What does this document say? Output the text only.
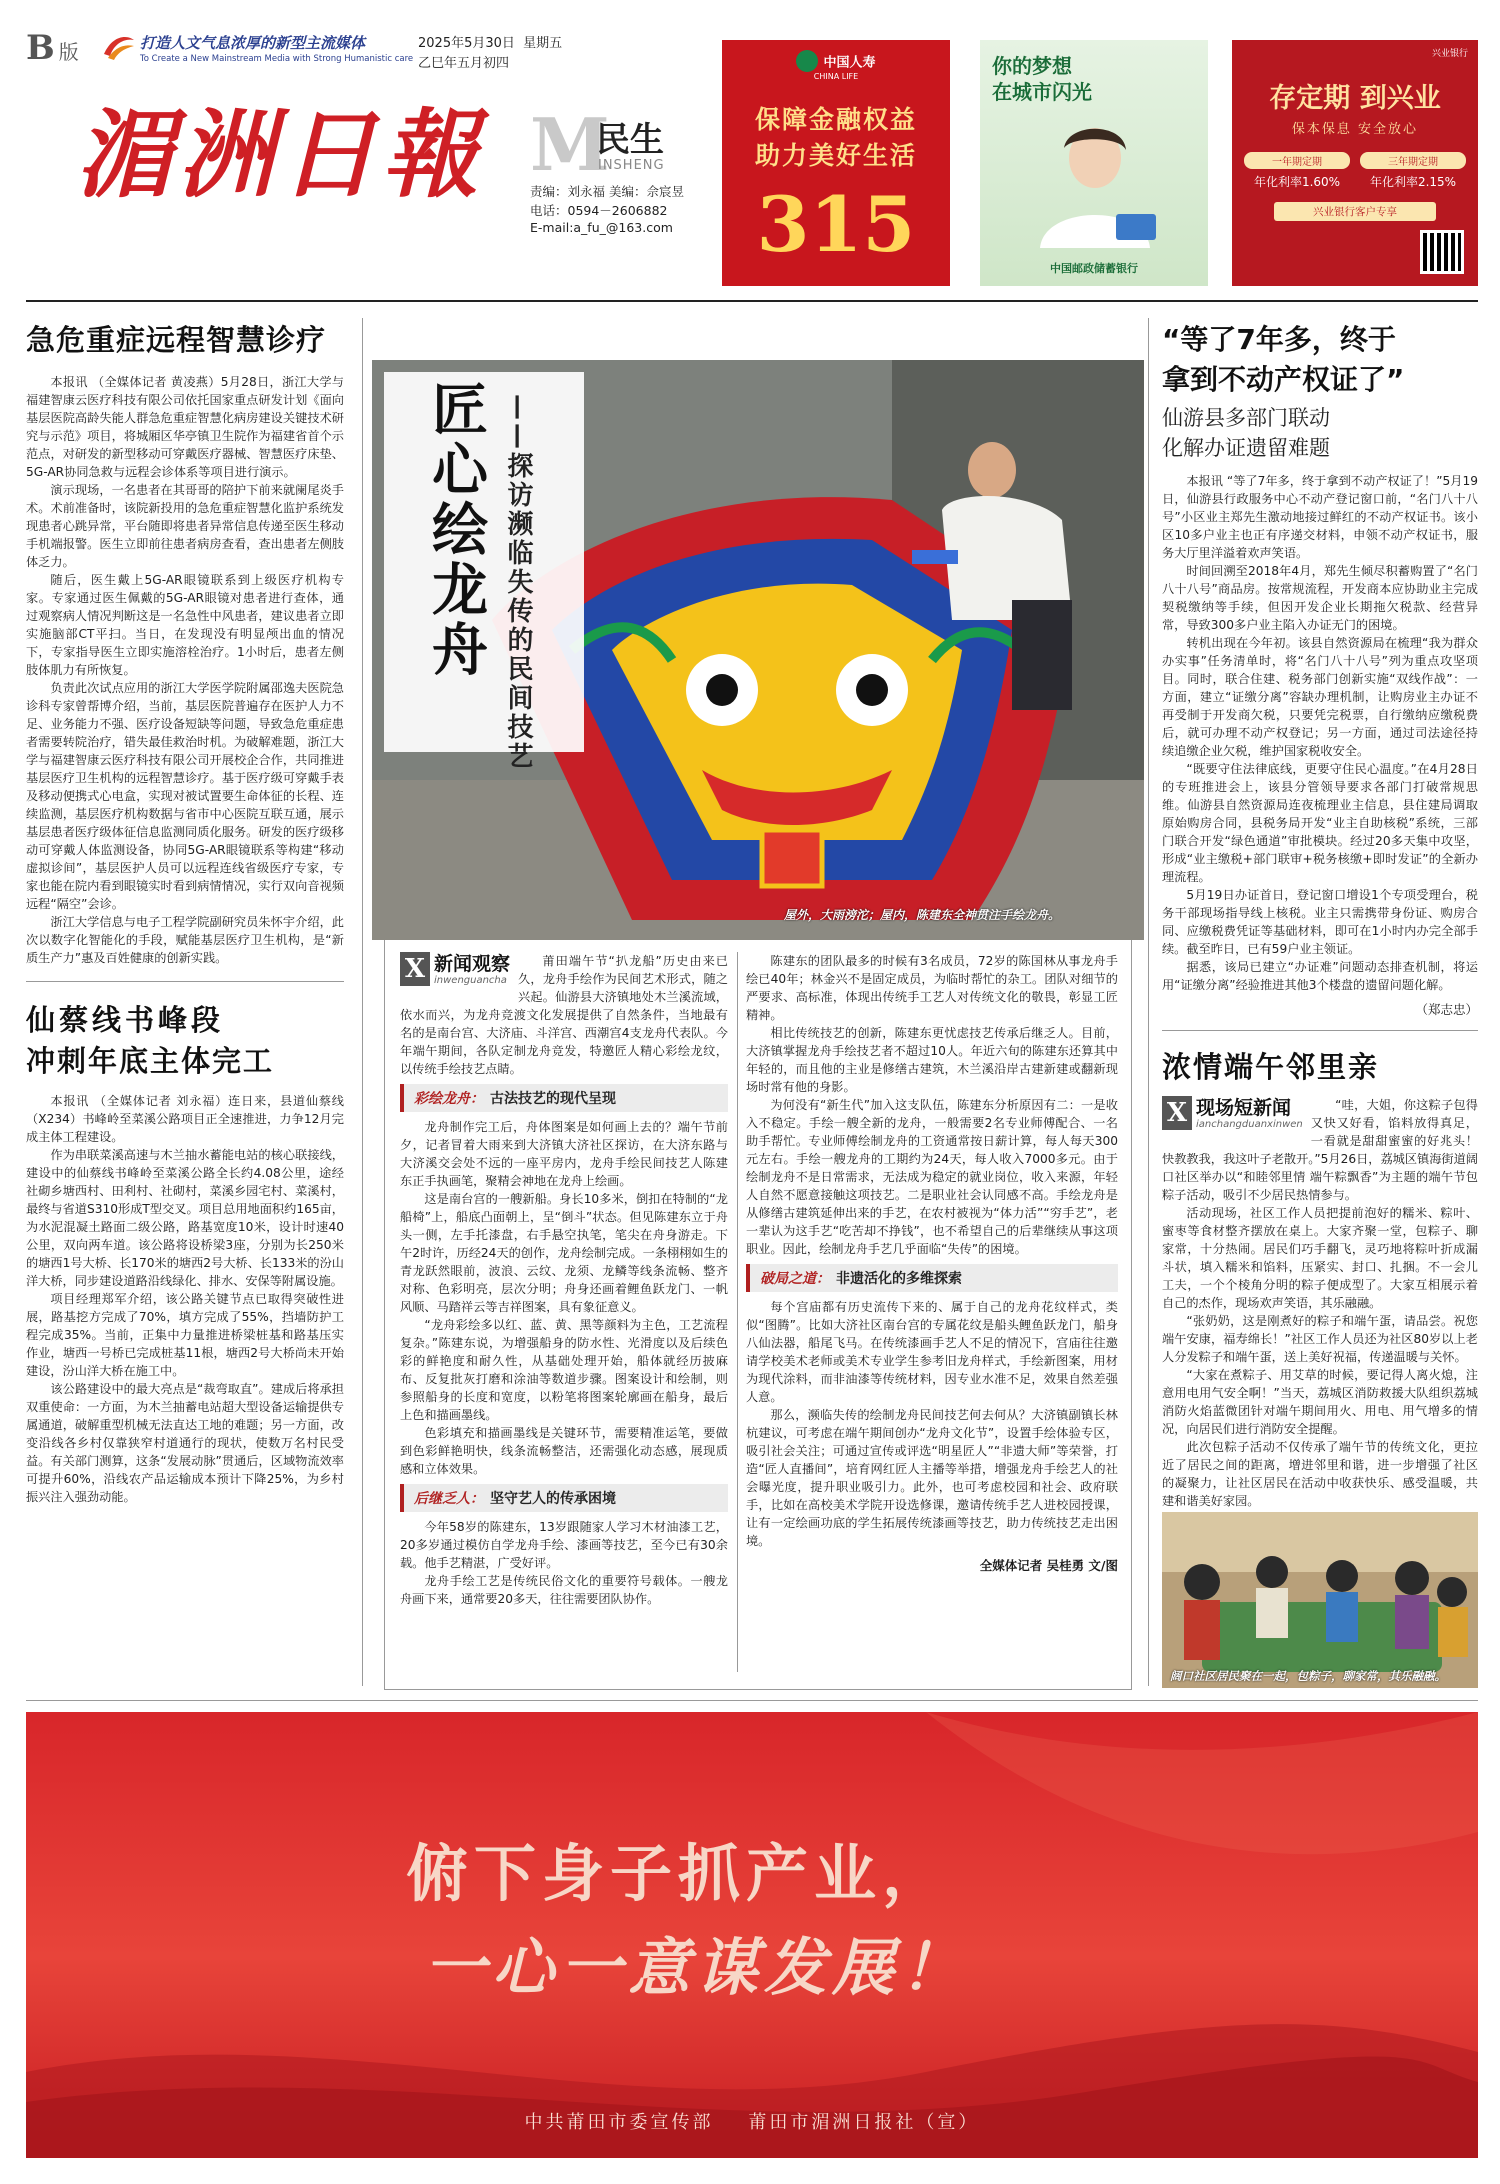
B 版	打造人文气息浓厚的新型主流媒体
To Create a New Mainstream Media with Strong Humanistic care
2025年5月30日  星期五
乙巳年五月初四
湄洲日報 M
民生
INSHENG
责编：刘永福 美编：佘宸昱
电话：0594－2606882
E-mail:a_fu_@163.com
中国人寿
CHINA LIFE
保障金融权益
助力美好生活
315
你的梦想
在城市闪光
中国邮政储蓄银行
兴业银行
存定期 到兴业
保本保息 安全放心
一年期定期
年化利率1.60%
三年期定期
年化利率2.15%
兴业银行客户专享
急危重症远程智慧诊疗

本报讯 （全媒体记者 黄凌燕）5月28日，浙江大学与福建智康云医疗科技有限公司依托国家重点研发计划《面向基层医院高龄失能人群急危重症智慧化病房建设关键技术研究与示范》项目，将城厢区华亭镇卫生院作为福建省首个示范点，对研发的新型移动可穿戴医疗器械、智慧医疗床垫、5G-AR协同急救与远程会诊体系等项目进行演示。

演示现场，一名患者在其哥哥的陪护下前来就阑尾炎手术。术前准备时，该院新投用的急危重症智慧化监护系统发现患者心跳异常，平台随即将患者异常信息传递至医生移动手机端报警。医生立即前往患者病房查看，查出患者左侧肢体乏力。

随后，医生戴上5G-AR眼镜联系到上级医疗机构专家。专家通过医生佩戴的5G-AR眼镜对患者进行查体，通过观察病人情况判断这是一名急性中风患者，建议患者立即实施脑部CT平扫。当日，在发现没有明显颅出血的情况下，专家指导医生立即实施溶栓治疗。1小时后，患者左侧肢体肌力有所恢复。

负责此次试点应用的浙江大学医学院附属邵逸夫医院急诊科专家曾帮博介绍，当前，基层医院普遍存在医护人力不足、业务能力不强、医疗设备短缺等问题，导致急危重症患者需要转院治疗，错失最佳救治时机。为破解难题，浙江大学与福建智康云医疗科技有限公司开展校企合作，共同推进基层医疗卫生机构的远程智慧诊疗。基于医疗级可穿戴手表及移动便携式心电盒，实现对被试置要生命体征的长程、连续监测，基层医疗机构数据与省市中心医院互联互通，展示基层患者医疗级体征信息监测同质化服务。研发的医疗级移动可穿戴人体监测设备，协同5G-AR眼镜联系等构建“移动虚拟诊间”，基层医护人员可以远程连线省级医疗专家，专家也能在院内看到眼镜实时看到病情情况，实行双向音视频远程“隔空”会诊。

浙江大学信息与电子工程学院副研究员朱怀宇介绍，此次以数字化智能化的手段，赋能基层医疗卫生机构，是“新质生产力”惠及百姓健康的创新实践。

仙蔡线书峰段
冲刺年底主体完工

本报讯 （全媒体记者 刘永福）连日来，县道仙蔡线（X234）书峰岭至菜溪公路项目正全速推进，力争12月完成主体工程建设。

作为串联菜溪高速与木兰抽水蓄能电站的核心联接线，建设中的仙蔡线书峰岭至菜溪公路全长约4.08公里，途经社砌乡塘西村、田利村、社砌村，菜溪乡园宅村、菜溪村，最终与省道S310形成T型交叉。项目总用地面积约165亩，为水泥混凝土路面二级公路，路基宽度10米，设计时速40公里，双向两车道。该公路将设桥梁3座，分别为长250米的塘西1号大桥、长170米的塘西2号大桥、长133米的汾山洋大桥，同步建设道路沿线绿化、排水、安保等附属设施。

项目经理郑军介绍，该公路关键节点已取得突破性进展，路基挖方完成了70%，填方完成了55%，挡墙防护工程完成35%。当前，正集中力量推进桥梁桩基和路基压实作业，塘西一号桥已完成桩基11根，塘西2号大桥尚未开始建设，汾山洋大桥在施工中。

该公路建设中的最大亮点是“裁弯取直”。建成后将承担双重使命：一方面，为木兰抽蓄电站超大型设备运输提供专属通道，破解重型机械无法直达工地的难题；另一方面，改变沿线各乡村仅靠狭窄村道通行的现状，使数万名村民受益。有关部门测算，这条“发展动脉”贯通后，区域物流效率可提升60%，沿线农产品运输成本预计下降25%，为乡村振兴注入强劲动能。

匠心绘龙舟 ——探访濒临失传的民间技艺
屋外，大雨滂沱；屋内，陈建东全神贯注手绘龙舟。
X 新闻观察
inwenguancha

莆田端午节“扒龙船”历史由来已久，龙舟手绘作为民间艺术形式，随之兴起。仙游县大济镇地处木兰溪流域，依水而兴，为龙舟竞渡文化发展提供了自然条件，当地最有名的是南台宫、大济庙、斗洋宫、西潮宫4支龙舟代表队。今年端午期间，各队定制龙舟竞发，特邀匠人精心彩绘龙纹，以传统手绘技艺点睛。

彩绘龙舟： 古法技艺的现代呈现

龙舟制作完工后，舟体图案是如何画上去的？端午节前夕，记者冒着大雨来到大济镇大济社区探访，在大济东路与大济溪交会处不远的一座平房内，龙舟手绘民间技艺人陈建东正手执画笔，聚精会神地在龙舟上绘画。

这是南台宫的一艘新船。身长10多米，倒扣在特制的“龙船椅”上，船底凸面朝上，呈“倒斗”状态。但见陈建东立于舟头一侧，左手托漆盘，右手悬空执笔，笔尖在舟身游走。下午2时许，历经24天的创作，龙舟绘制完成。一条栩栩如生的青龙跃然眼前，波浪、云纹、龙须、龙鳞等线条流畅、整齐对称、色彩明亮，层次分明；舟身还画着鲤鱼跃龙门、一帆风顺、马踏祥云等吉祥图案，具有象征意义。

“龙舟彩绘多以红、蓝、黄、黑等颜料为主色，工艺流程复杂。”陈建东说，为增强船身的防水性、光滑度以及后续色彩的鲜艳度和耐久性，从基础处理开始，船体就经历披麻布、反复批灰打磨和涂油等数道步骤。图案设计和绘制，则参照船身的长度和宽度，以粉笔将图案轮廓画在船身，最后上色和描画墨线。

色彩填充和描画墨线是关键环节，需要精准运笔，要做到色彩鲜艳明快，线条流畅整洁，还需强化动态感，展现质感和立体效果。

后继乏人： 坚守艺人的传承困境

今年58岁的陈建东，13岁跟随家人学习木材油漆工艺，20多岁通过模仿自学龙舟手绘、漆画等技艺，至今已有30余载。他手艺精湛，广受好评。

龙舟手绘工艺是传统民俗文化的重要符号载体。一艘龙舟画下来，通常要20多天，往往需要团队协作。

陈建东的团队最多的时候有3名成员，72岁的陈国林从事龙舟手绘已40年；林金兴不是固定成员，为临时帮忙的杂工。团队对细节的严要求、高标准，体现出传统手工艺人对传统文化的敬畏，彰显工匠精神。

相比传统技艺的创新，陈建东更忧虑技艺传承后继乏人。目前，大济镇掌握龙舟手绘技艺者不超过10人。年近六旬的陈建东还算其中年轻的，而且他的主业是修缮古建筑，木兰溪沿岸古建新建或翻新现场时常有他的身影。

为何没有“新生代”加入这支队伍，陈建东分析原因有二：一是收入不稳定。手绘一艘全新的龙舟，一般需要2名专业师傅配合、一名助手帮忙。专业师傅绘制龙舟的工资通常按日薪计算，每人每天300元左右。手绘一艘龙舟的工期约为24天，每人收入7000多元。由于绘制龙舟不是日常需求，无法成为稳定的就业岗位，收入来源，年轻人自然不愿意接触这项技艺。二是职业社会认同感不高。手绘龙舟是从修缮古建筑延伸出来的手艺，在农村被视为“体力活”“穷手艺”，老一辈认为这手艺“吃苦却不挣钱”，也不希望自己的后辈继续从事这项职业。因此，绘制龙舟手艺几乎面临“失传”的困境。

破局之道： 非遗活化的多维探索

每个宫庙都有历史流传下来的、属于自己的龙舟花纹样式，类似“图腾”。比如大济社区南台宫的专属花纹是船头鲤鱼跃龙门，船身八仙法器，船尾飞马。在传统漆画手艺人不足的情况下，宫庙往往邀请学校美术老师或美术专业学生参考旧龙舟样式，手绘新图案，用材为现代涂料，而非油漆等传统材料，因专业水准不足，效果自然差强人意。

那么，濒临失传的绘制龙舟民间技艺何去何从？大济镇副镇长林杭建议，可考虑在端午期间创办“龙舟文化节”，设置手绘体验专区，吸引社会关注；可通过宣传或评选“明星匠人”“非遗大师”等荣誉，打造“匠人直播间”，培育网红匠人主播等举措，增强龙舟手绘艺人的社会曝光度，提升职业吸引力。此外，也可考虑校园和社会、政府联手，比如在高校美术学院开设选修课，邀请传统手艺人进校园授课，让有一定绘画功底的学生拓展传统漆画等技艺，助力传统技艺走出困境。

全媒体记者 吴桂勇 文/图
“等了7年多，终于
拿到不动产权证了”
仙游县多部门联动
化解办证遗留难题

本报讯 “等了7年多，终于拿到不动产权证了！”5月19日，仙游县行政服务中心不动产登记窗口前，“名门八十八号”小区业主郑先生激动地接过鲜红的不动产权证书。该小区10多户业主也正有序递交材料，申领不动产权证书，服务大厅里洋溢着欢声笑语。

时间回溯至2018年4月，郑先生倾尽积蓄购置了“名门八十八号”商品房。按常规流程，开发商本应协助业主完成契税缴纳等手续，但因开发企业长期拖欠税款、经营异常，导致300多户业主陷入办证无门的困境。

转机出现在今年初。该县自然资源局在梳理“我为群众办实事”任务清单时，将“名门八十八号”列为重点攻坚项目。同时，联合住建、税务部门创新实施“双线作战”：一方面，建立“证缴分离”容缺办理机制，让购房业主办证不再受制于开发商欠税，只要凭完税票，自行缴纳应缴税费后，就可办理不动产权登记；另一方面，通过司法途径持续追缴企业欠税，维护国家税收安全。

“既要守住法律底线，更要守住民心温度。”在4月28日的专班推进会上，该县分管领导要求各部门打破常规思维。仙游县自然资源局连夜梳理业主信息，县住建局调取原始购房合同，县税务局开发“业主自助核税”系统，三部门联合开发“绿色通道”审批模块。经过20多天集中攻坚，形成“业主缴税+部门联审+税务核缴+即时发证”的全新办理流程。

5月19日办证首日，登记窗口增设1个专项受理台，税务干部现场指导线上核税。业主只需携带身份证、购房合同、应缴税费凭证等基础材料，即可在1小时内办完全部手续。截至昨日，已有59户业主领证。

据悉，该局已建立“办证难”问题动态排查机制，将运用“证缴分离”经验推进其他3个楼盘的遗留问题化解。

（郑志忠）
浓情端午邻里亲
X 现场短新闻
ianchangduanxinwen

“哇，大姐，你这粽子包得又快又好看，馅料放得真足，一看就是甜甜蜜蜜的好兆头！快教教我，我这叶子老散开。”5月26日，荔城区镇海街道阔口社区举办以“和睦邻里情 端午粽飘香”为主题的端午节包粽子活动，吸引不少居民热情参与。

活动现场，社区工作人员把提前泡好的糯米、粽叶、蜜枣等食材整齐摆放在桌上。大家齐聚一堂，包粽子、聊家常，十分热闹。居民们巧手翻飞，灵巧地将粽叶折成漏斗状，填入糯米和馅料，压紧实、封口、扎捆。不一会儿工夫，一个个棱角分明的粽子便成型了。大家互相展示着自己的杰作，现场欢声笑语，其乐融融。

“张奶奶，这是刚煮好的粽子和端午蛋，请品尝。祝您端午安康，福寿绵长！”社区工作人员还为社区80岁以上老人分发粽子和端午蛋，送上美好祝福，传递温暖与关怀。

“大家在煮粽子、用艾草的时候，要记得人离火熄，注意用电用气安全啊！”当天，荔城区消防救援大队组织荔城消防火焰蓝微团针对端午期间用火、用电、用气增多的情况，向居民们进行消防安全提醒。

此次包粽子活动不仅传承了端午节的传统文化，更拉近了居民之间的距离，增进邻里和谐，进一步增强了社区的凝聚力，让社区居民在活动中收获快乐、感受温暖，共建和谐美好家园。

阔口社区居民聚在一起，包粽子，聊家常，其乐融融。
俯下身子抓产业，
一心一意谋发展！
中共莆田市委宣传部    莆田市湄洲日报社（宣）
